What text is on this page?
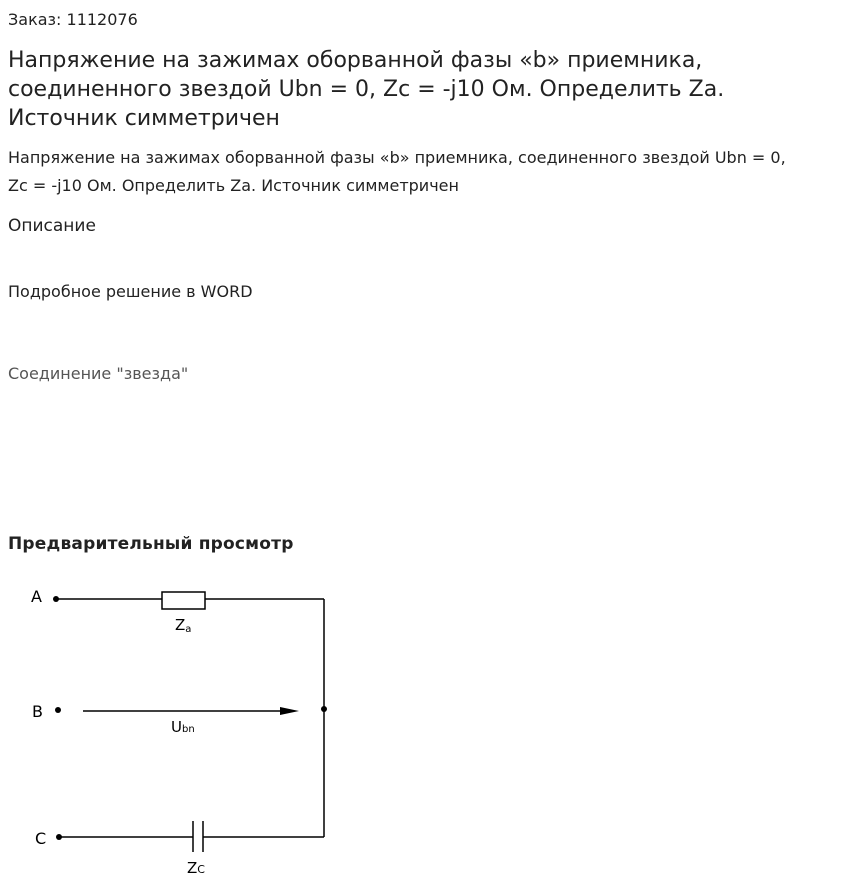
Заказ: 1112076
Напряжение на зажимах оборванной фазы «b» приемника, соединенного звездой Ubn = 0, Zc = -j10 Ом. Определить Za. Источник симметричен

Напряжение на зажимах оборванной фазы «b» приемника, соединенного звездой Ubn = 0, Zc = -j10 Ом. Определить Za. Источник симметричен

Описание
Подробное решение в WORD
Соединение "звезда"
Предварительный просмотр
A
B
C
Za
Ubn
ZC
